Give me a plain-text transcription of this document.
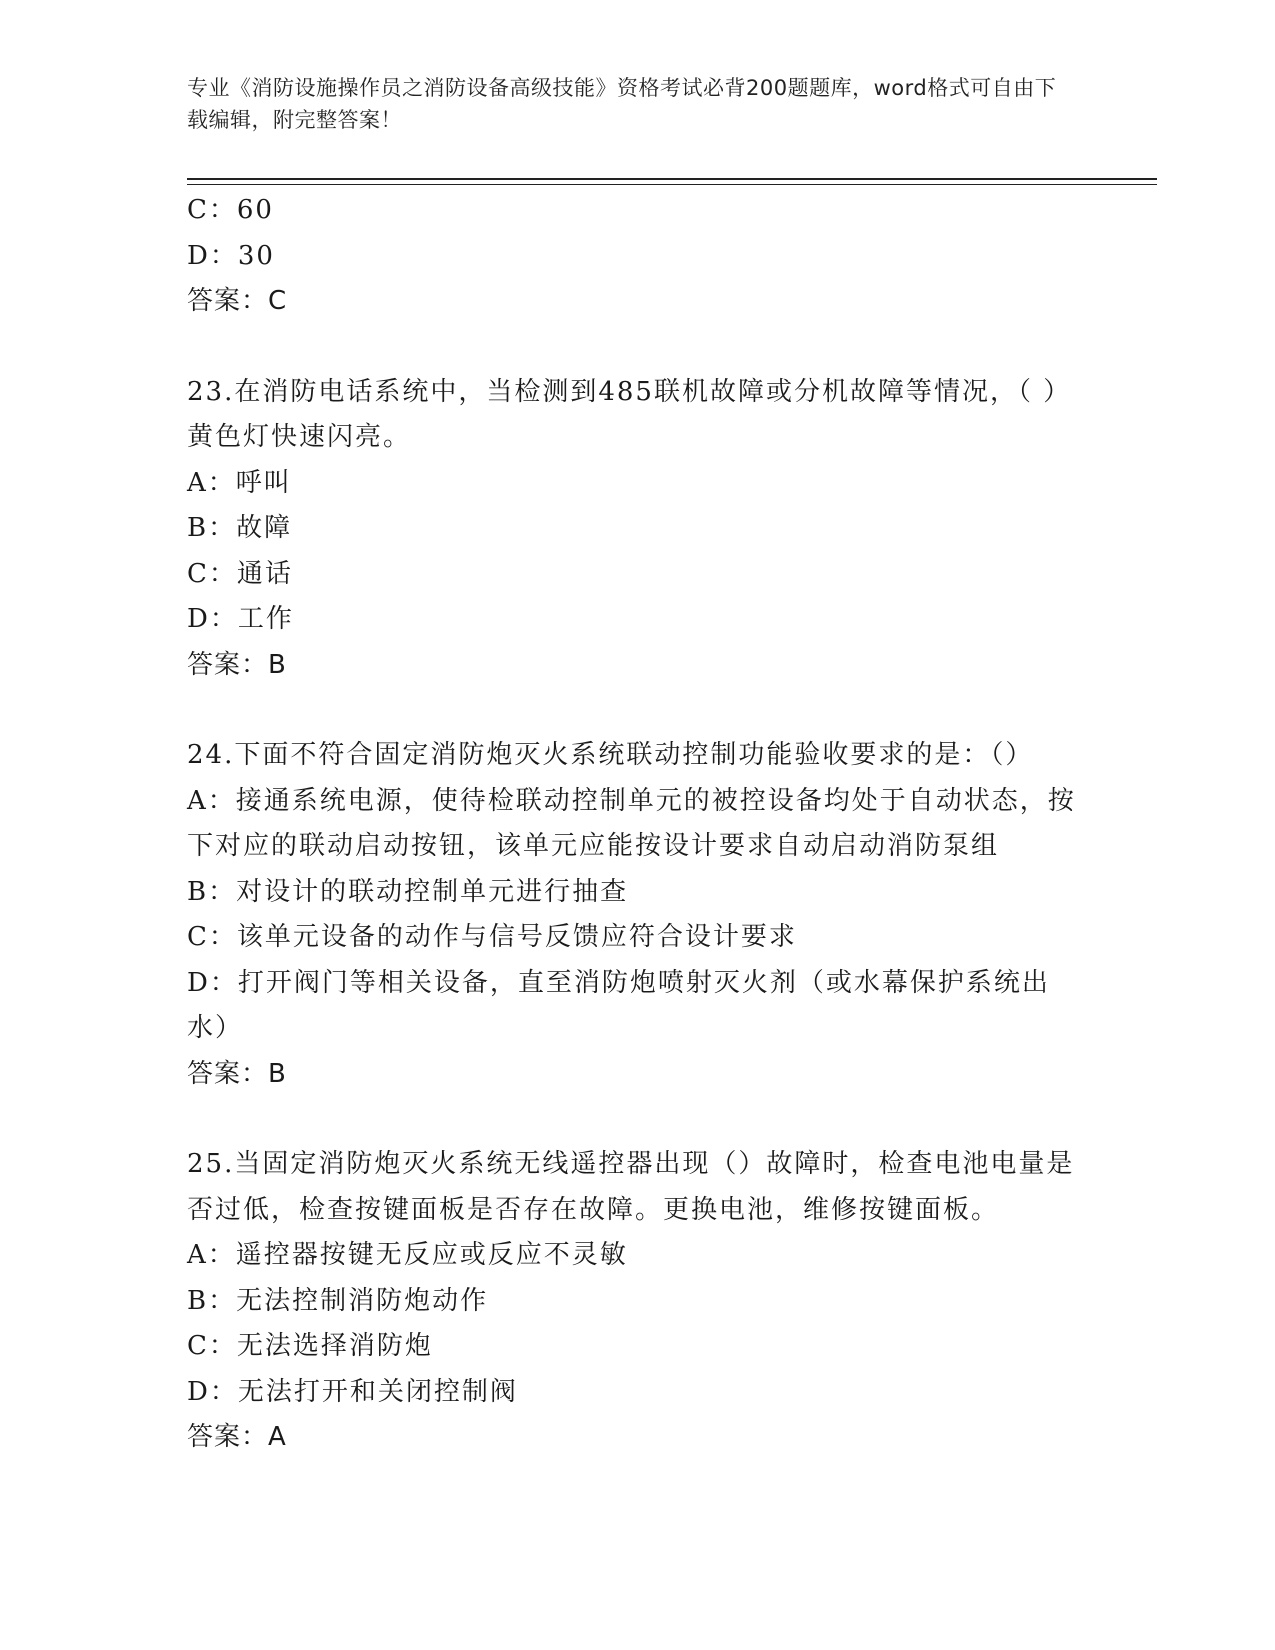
专业《消防设施操作员之消防设备高级技能》资格考试必背200题题库，word格式可自由下载编辑，附完整答案！
C：60
D：30
答案：C
23.在消防电话系统中，当检测到485联机故障或分机故障等情况，（ ）黄色灯快速闪亮。
A：呼叫
B：故障
C：通话
D：工作
答案：B
24.下面不符合固定消防炮灭火系统联动控制功能验收要求的是：（）
A：接通系统电源，使待检联动控制单元的被控设备均处于自动状态，按下对应的联动启动按钮，该单元应能按设计要求自动启动消防泵组
B：对设计的联动控制单元进行抽查
C：该单元设备的动作与信号反馈应符合设计要求
D：打开阀门等相关设备，直至消防炮喷射灭火剂（或水幕保护系统出水）
答案：B
25.当固定消防炮灭火系统无线遥控器出现（）故障时，检查电池电量是否过低，检查按键面板是否存在故障。更换电池，维修按键面板。
A：遥控器按键无反应或反应不灵敏
B：无法控制消防炮动作
C：无法选择消防炮
D：无法打开和关闭控制阀
答案：A
